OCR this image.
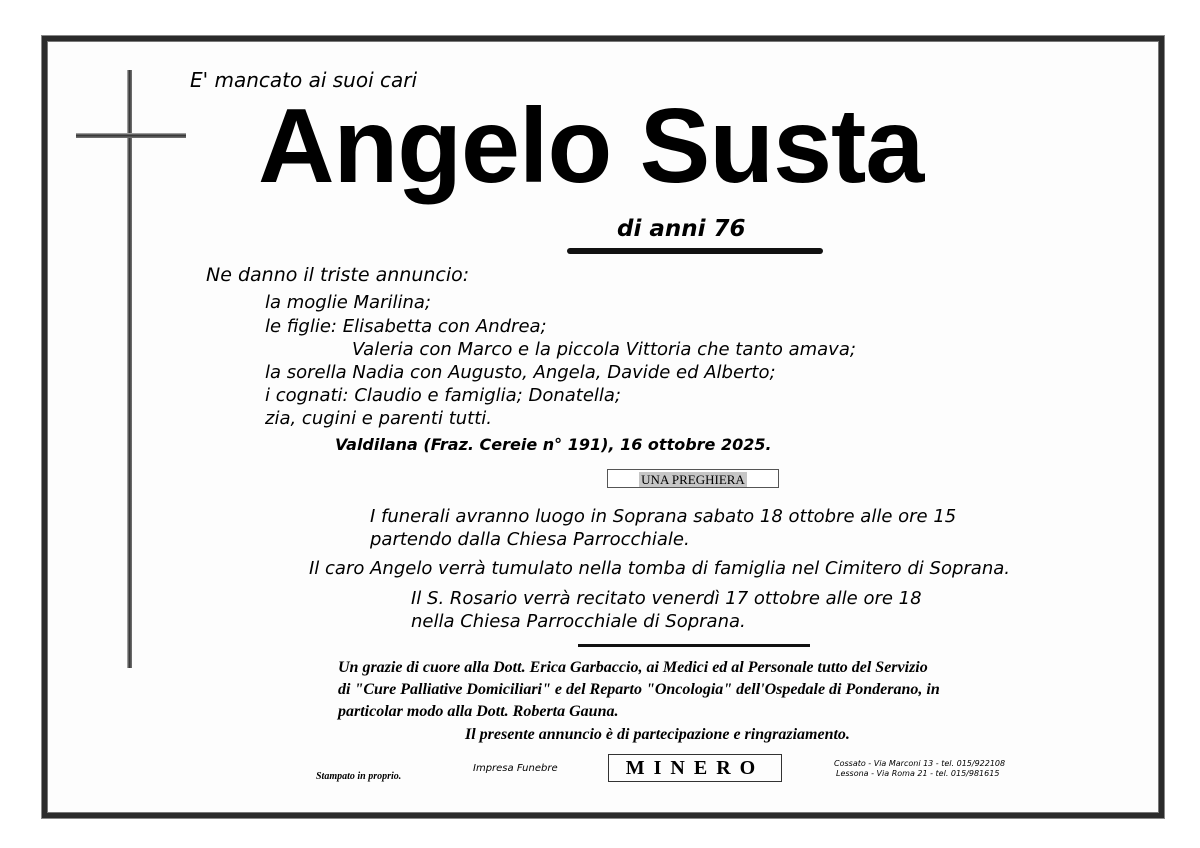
E' mancato ai suoi cari
Angelo Susta
di anni 76
Ne danno il triste annuncio:
la moglie Marilina;
le figlie: Elisabetta con Andrea;
Valeria con Marco e la piccola Vittoria che tanto amava;
la sorella Nadia con Augusto, Angela, Davide ed Alberto;
i cognati: Claudio e famiglia; Donatella;
zia, cugini e parenti tutti.
Valdilana (Fraz. Cereie n° 191), 16 ottobre 2025.
UNA PREGHIERA
I funerali avranno luogo in Soprana sabato 18 ottobre alle ore 15
partendo dalla Chiesa Parrocchiale.
Il caro Angelo verrà tumulato nella tomba di famiglia nel Cimitero di Soprana.
Il S. Rosario verrà recitato venerdì 17 ottobre alle ore 18
nella Chiesa Parrocchiale di Soprana.
Un grazie di cuore alla Dott. Erica Garbaccio, ai Medici ed al Personale tutto del Servizio
di "Cure Palliative Domiciliari" e del Reparto "Oncologia" dell'Ospedale di Ponderano, in
particolar modo alla Dott. Roberta Gauna.
Il presente annuncio è di partecipazione e ringraziamento.
Stampato in proprio.
Impresa Funebre	MINERO	Cossato - Via Marconi 13 - tel. 015/922108
Lessona - Via Roma 21 - tel. 015/981615
